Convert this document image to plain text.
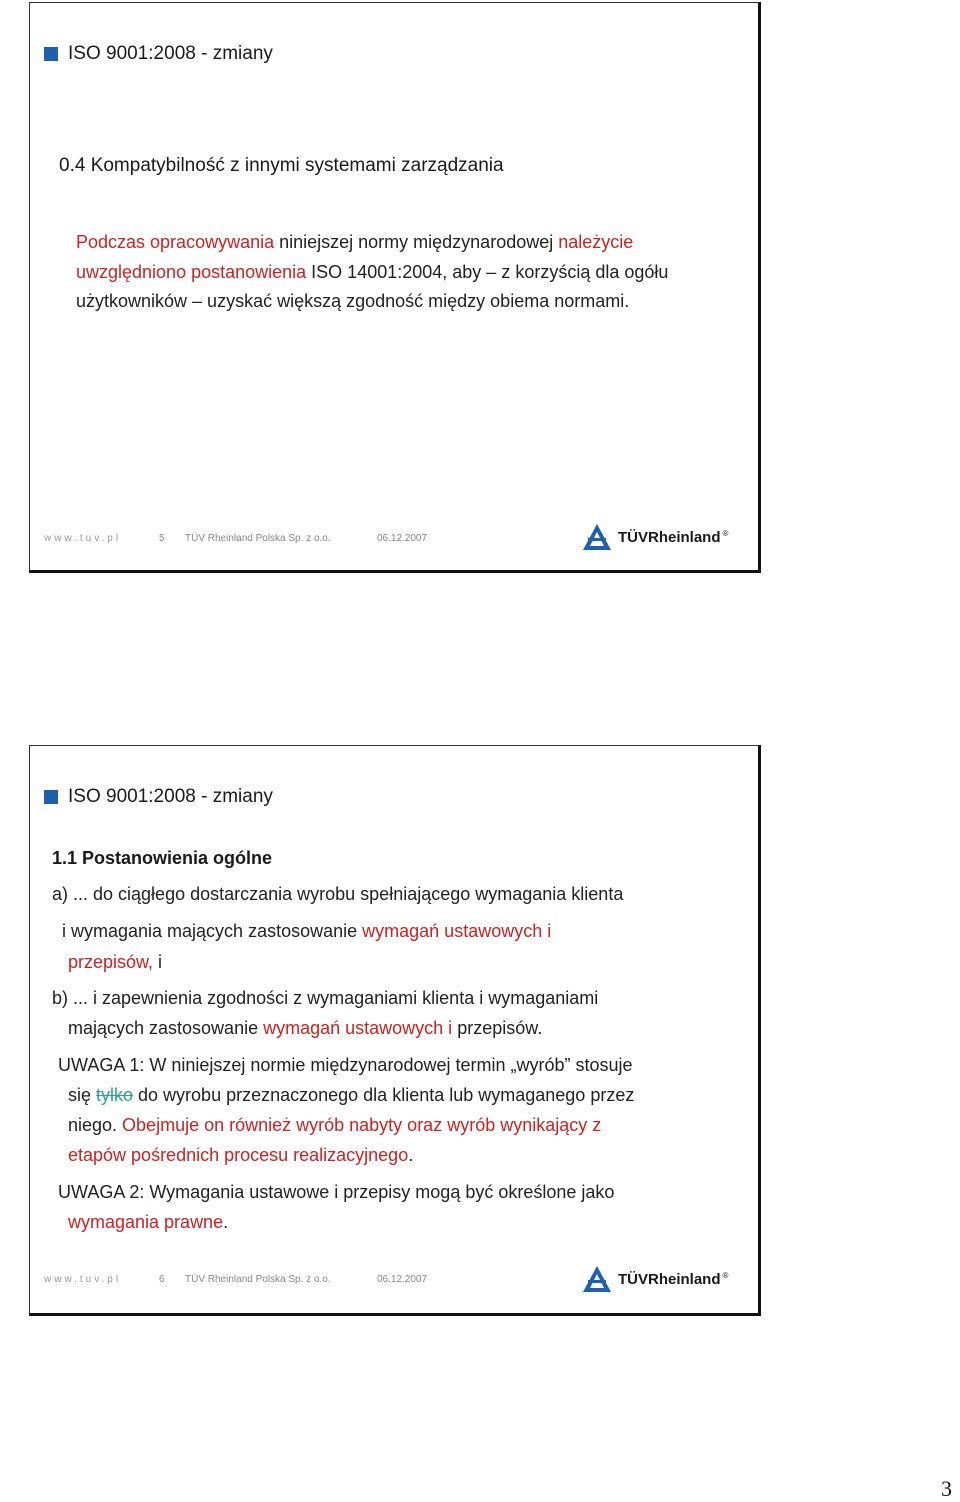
ISO 9001:2008 - zmiany
0.4 Kompatybilność z innymi systemami zarządzania
Podczas opracowywania niniejszej normy międzynarodowej należycie
uwzględniono postanowienia ISO 14001:2004, aby – z korzyścią dla ogółu użytkowników – uzyskać większą zgodność między obiema normami.
www.tuv.pl	5	TÜV Rheinland Polska Sp. z o.o.	06.12.2007	TÜVRheinland ®
ISO 9001:2008 - zmiany
1.1 Postanowienia ogólne
a) ... do ciągłego dostarczania wyrobu spełniającego wymagania klienta
i wymagania mających zastosowanie wymagań ustawowych i
przepisów, i
b) ... i zapewnienia zgodności z wymaganiami klienta i wymaganiami
mających zastosowanie wymagań ustawowych i przepisów.
UWAGA 1: W niniejszej normie międzynarodowej termin „wyrób” stosuje
się tylko do wyrobu przeznaczonego dla klienta lub wymaganego przez
niego. Obejmuje on również wyrób nabyty oraz wyrób wynikający z
etapów pośrednich procesu realizacyjnego.
UWAGA 2: Wymagania ustawowe i przepisy mogą być określone jako
wymagania prawne.
www.tuv.pl	6	TÜV Rheinland Polska Sp. z o.o.	06.12.2007	TÜVRheinland ®
3
